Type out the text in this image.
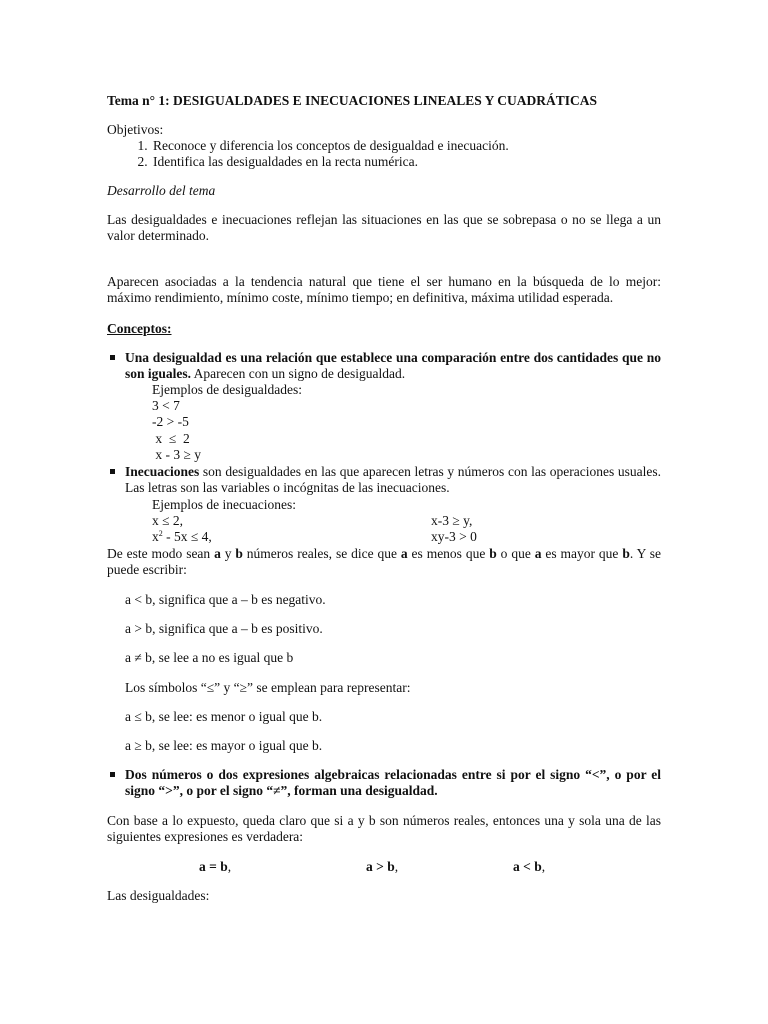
Tema n° 1: DESIGUALDADES E INECUACIONES LINEALES Y CUADRÁTICAS
Objetivos:
1. Reconoce y diferencia los conceptos de desigualdad e inecuación.
2. Identifica las desigualdades en la recta numérica.
Desarrollo del tema
Las desigualdades e inecuaciones reflejan las situaciones en las que se sobrepasa o no se llega a un valor determinado.
Aparecen asociadas a la tendencia natural que tiene el ser humano en la búsqueda de lo mejor: máximo rendimiento, mínimo coste, mínimo tiempo; en definitiva, máxima utilidad esperada.
Conceptos:
Una desigualdad es una relación que establece una comparación entre dos cantidades que no son iguales. Aparecen con un signo de desigualdad.
Ejemplos de desigualdades:
3 < 7
-2 > -5
x  ≤  2
x - 3 ≥ y
Inecuaciones son desigualdades en las que aparecen letras y números con las operaciones usuales. Las letras son las variables o incógnitas de las inecuaciones.
Ejemplos de inecuaciones:
x ≤ 2,	x-3 ≥ y,
$x^2 - 5x \le 4$,	xy-3 > 0
De este modo sean a y b números reales, se dice que a es menos que b o que a es mayor que b. Y se puede escribir:
a < b, significa que a – b es negativo.
a > b, significa que a – b es positivo.
a ≠ b, se lee a no es igual que b
Los símbolos “≤” y “≥” se emplean para representar:
a ≤ b, se lee: es menor o igual que b.
a ≥ b, se lee: es mayor o igual que b.
Dos números o dos expresiones algebraicas relacionadas entre si por el signo “<”, o por el signo “>”, o por el signo “≠”, forman una desigualdad.
Con base a lo expuesto, queda claro que si a y b son números reales, entonces una y sola una de las siguientes expresiones es verdadera:
a = b,	a > b,	a < b,
Las desigualdades:
